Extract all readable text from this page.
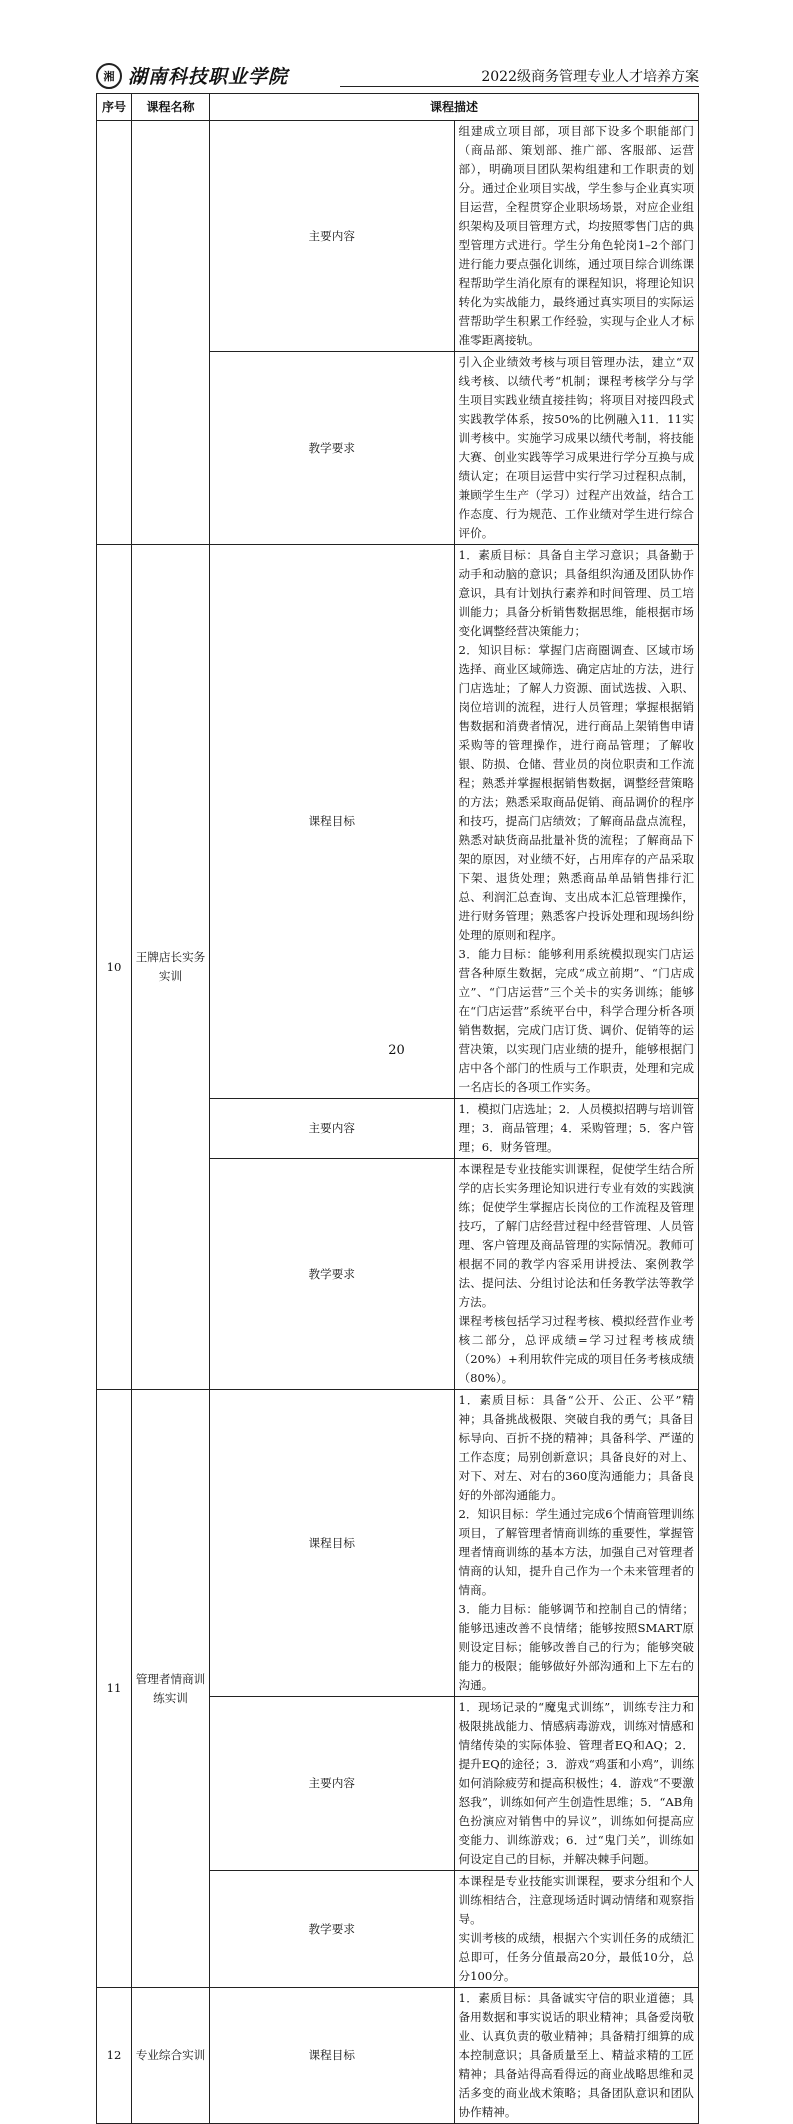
湘 湖南科技职业学院	2022级商务管理专业人才培养方案
序号	课程名称	课程描述	
		主要内容	组建成立项目部，项目部下设多个职能部门（商品部、策划部、推广部、客服部、运营部），明确项目团队架构组建和工作职责的划分。通过企业项目实战，学生参与企业真实项目运营，全程贯穿企业职场场景，对应企业组织架构及项目管理方式，均按照零售门店的典型管理方式进行。学生分角色轮岗1–2个部门进行能力要点强化训练，通过项目综合训练课程帮助学生消化原有的课程知识，将理论知识转化为实战能力，最终通过真实项目的实际运营帮助学生积累工作经验，实现与企业人才标准零距离接轨。
		教学要求	引入企业绩效考核与项目管理办法，建立“双线考核、以绩代考“机制；课程考核学分与学生项目实践业绩直接挂钩；将项目对接四段式实践教学体系，按50%的比例融入11．11实训考核中。实施学习成果以绩代考制，将技能大赛、创业实践等学习成果进行学分互换与成绩认定；在项目运营中实行学习过程积点制，兼顾学生生产（学习）过程产出效益，结合工作态度、行为规范、工作业绩对学生进行综合评价。
10	王牌店长实务实训	课程目标	1．素质目标：具备自主学习意识；具备勤于动手和动脑的意识；具备组织沟通及团队协作意识，具有计划执行素养和时间管理、员工培训能力；具备分析销售数据思维，能根据市场变化调整经营决策能力；
2．知识目标：掌握门店商圈调查、区域市场选择、商业区域筛选、确定店址的方法，进行门店选址；了解人力资源、面试选拔、入职、岗位培训的流程，进行人员管理；掌握根据销售数据和消费者情况，进行商品上架销售申请采购等的管理操作，进行商品管理；了解收银、防损、仓储、营业员的岗位职责和工作流程；熟悉并掌握根据销售数据，调整经营策略的方法；熟悉采取商品促销、商品调价的程序和技巧，提高门店绩效；了解商品盘点流程，熟悉对缺货商品批量补货的流程；了解商品下架的原因，对业绩不好，占用库存的产品采取下架、退货处理；熟悉商品单品销售排行汇总、利润汇总查询、支出成本汇总管理操作，进行财务管理；熟悉客户投诉处理和现场纠纷处理的原则和程序。
3．能力目标：能够利用系统模拟现实门店运营各种原生数据，完成“成立前期”、“门店成立”、“门店运营”三个关卡的实务训练；能够在“门店运营”系统平台中，科学合理分析各项销售数据，完成门店订货、调价、促销等的运营决策，以实现门店业绩的提升，能够根据门店中各个部门的性质与工作职责，处理和完成一名店长的各项工作实务。

		主要内容	1．模拟门店选址；2．人员模拟招聘与培训管理；3．商品管理；4．采购管理；5．客户管理；6．财务管理。

		教学要求	本课程是专业技能实训课程，促使学生结合所学的店长实务理论知识进行专业有效的实践演练；促使学生掌握店长岗位的工作流程及管理技巧，了解门店经营过程中经营管理、人员管理、客户管理及商品管理的实际情况。教师可根据不同的教学内容采用讲授法、案例教学法、提问法、分组讨论法和任务教学法等教学方法。
课程考核包括学习过程考核、模拟经营作业考核二部分，总评成绩=学习过程考核成绩（20%）+利用软件完成的项目任务考核成绩（80%）。

11	管理者情商训练实训	课程目标	1．素质目标：具备“公开、公正、公平”精神；具备挑战极限、突破自我的勇气；具备目标导向、百折不挠的精神；具备科学、严谨的工作态度；局别创新意识；具备良好的对上、对下、对左、对右的360度沟通能力；具备良好的外部沟通能力。
2．知识目标：学生通过完成6个情商管理训练项目，了解管理者情商训练的重要性，掌握管理者情商训练的基本方法，加强自己对管理者情商的认知，提升自己作为一个未来管理者的情商。
3．能力目标：能够调节和控制自己的情绪；能够迅速改善不良情绪；能够按照SMART原则设定目标；能够改善自己的行为；能够突破能力的极限；能够做好外部沟通和上下左右的沟通。

		主要内容	1．现场记录的“魔鬼式训练”，训练专注力和极限挑战能力、情感病毒游戏，训练对情感和情绪传染的实际体验、管理者EQ和AQ；2．提升EQ的途径；3．游戏“鸡蛋和小鸡”，训练如何消除疲劳和提高积极性；4．游戏“不要激怒我”，训练如何产生创造性思维；5．“AB角色扮演应对销售中的异议”，训练如何提高应变能力、训练游戏；6．过“鬼门关”，训练如何设定自己的目标，并解决棘手问题。

		教学要求	本课程是专业技能实训课程，要求分组和个人训练相结合，注意现场适时调动情绪和观察指导。
实训考核的成绩，根据六个实训任务的成绩汇总即可，任务分值最高20分，最低10分，总分100分。

12	专业综合实训	课程目标	1．素质目标：具备诚实守信的职业道德；具备用数据和事实说话的职业精神；具备爱岗敬业、认真负责的敬业精神；具备精打细算的成本控制意识；具备质量至上、精益求精的工匠精神；具备站得高看得远的商业战略思维和灵活多变的商业战术策略；具备团队意识和团队协作精神。
20
